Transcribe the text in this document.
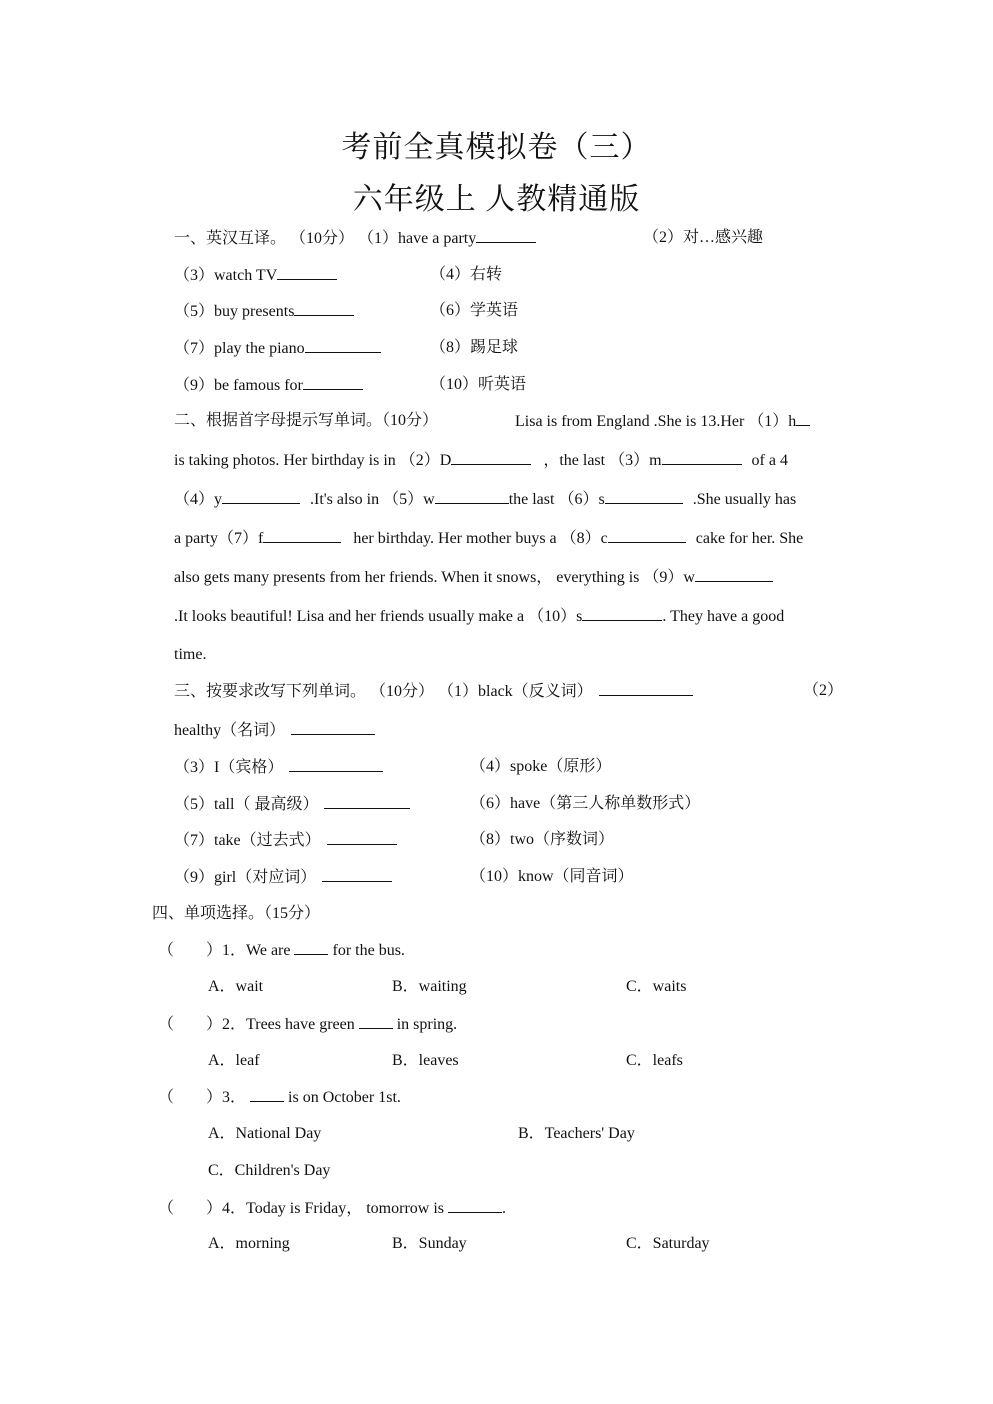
考前全真模拟卷（三）
六年级上 人教精通版
一、英汉互译。 （10分） （1）have a party	（2）对…感兴趣
（3）watch TV	（4）右转
（5）buy presents	（6）学英语
（7）play the piano	（8）踢足球
（9）be famous for	（10）听英语
二、根据首字母提示写单词。（10分）	Lisa is from England .She is 13.Her （1）h
is taking photos. Her birthday is in （2）D	，the last （3）m	of a 4
（4）y	.It's also in （5）w	the last （6）s	.She usually has
a party（7）f	her birthday. Her mother buys a （8）c	cake for her. She
also gets many presents from her friends. When it snows， everything is （9）w
.It looks beautiful! Lisa and her friends usually make a （10）s	. They have a good
time.
三、按要求改写下列单词。 （10分） （1）black（反义词）	（2）
healthy（名词）
（3）I（宾格）	（4）spoke（原形）
（5）tall（ 最高级）	（6）have（第三人称单数形式）
（7）take（过去式）	（8）two（序数词）
（9）girl（对应词）	（10）know（同音词）
四、单项选择。（15分）
（　　）1．We are	for the bus.
A．wait	B．waiting	C．waits
（　　）2．Trees have green	in spring.
A．leaf	B．leaves	C．leafs
（　　）3．	is on October 1st.
A．National Day	B．Teachers' Day
C．Children's Day
（　　）4．Today is Friday， tomorrow is	.
A．morning	B．Sunday	C．Saturday
